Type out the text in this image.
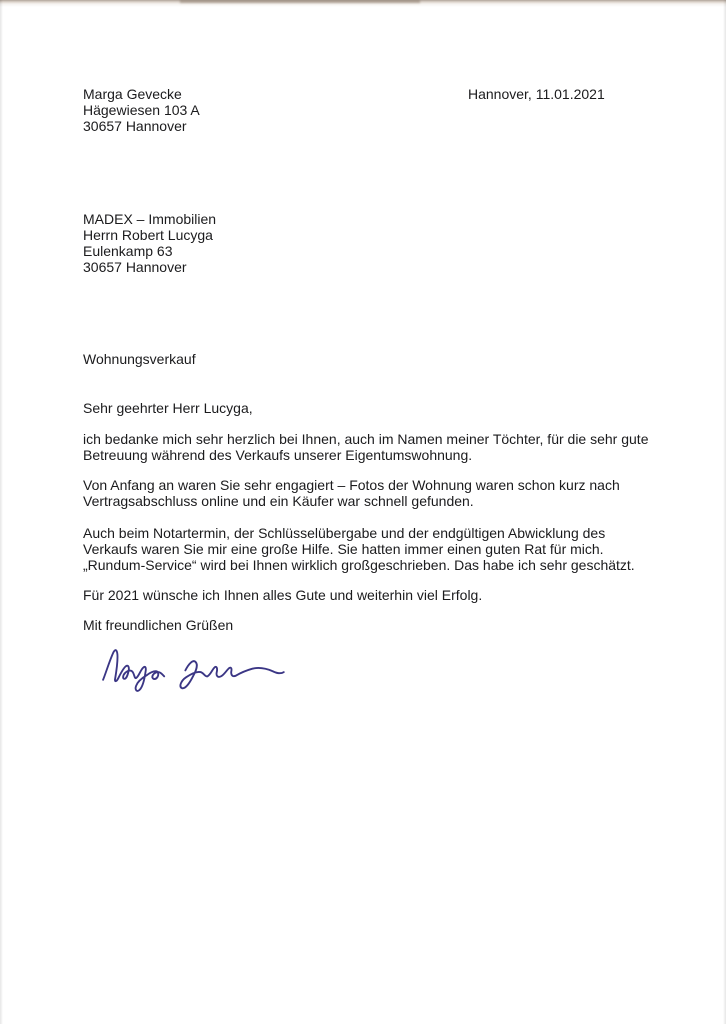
Marga Gevecke
Hägewiesen 103 A
30657 Hannover
Hannover, 11.01.2021
MADEX – Immobilien
Herrn Robert Lucyga
Eulenkamp 63
30657 Hannover
Wohnungsverkauf
Sehr geehrter Herr Lucyga,
ich bedanke mich sehr herzlich bei Ihnen, auch im Namen meiner Töchter, für die sehr gute
Betreuung während des Verkaufs unserer Eigentumswohnung.
Von Anfang an waren Sie sehr engagiert – Fotos der Wohnung waren schon kurz nach
Vertragsabschluss online und ein Käufer war schnell gefunden.
Auch beim Notartermin, der Schlüsselübergabe und der endgültigen Abwicklung des
Verkaufs waren Sie mir eine große Hilfe. Sie hatten immer einen guten Rat für mich.
„Rundum-Service“ wird bei Ihnen wirklich großgeschrieben. Das habe ich sehr geschätzt.
Für 2021 wünsche ich Ihnen alles Gute und weiterhin viel Erfolg.
Mit freundlichen Grüßen
